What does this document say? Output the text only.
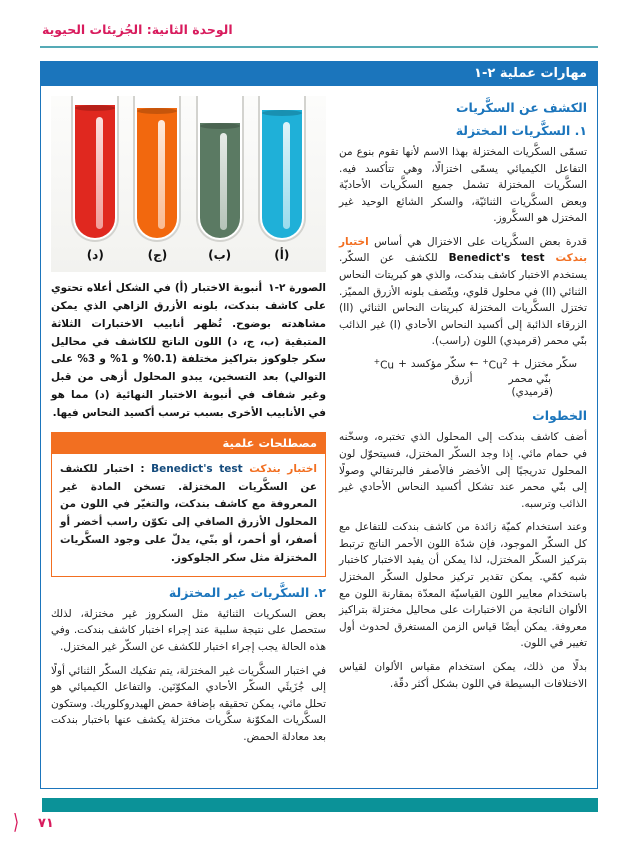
الوحدة الثانية: الجُزيئات الحيوية
مهارات عملية ٢-١
الكشف عن السكَّريات
١. السكَّريات المختزلة

تسمّى السكَّريات المختزلة بهذا الاسم لأنها تقوم بنوع من التفاعل الكيميائي يسمّى اختزالًا، وهي تتأكسد فيه. السكَّريات المختزلة تشمل جميع السكَّريات الأحاديّة وبعض السكَّريات الثنائيّة، والسكر الشائع الوحيد غير المختزل هو السكَّروز.

قدرة بعض السكَّريات على الاختزال هي أساس اختبار بندكت Benedict's test للكشف عن السكّر. يستخدم الاختبار كاشف بندكت، والذي هو كبريتات النحاس الثنائي (II) في محلول قلوي، ويتّصف بلونه الأزرق المميّز. تختزل السكَّريات المختزلة كبريتات النحاس الثنائي (II) الزرقاء الذائبة إلى أكسيد النحاس الأحادي (I) غير الذائب بنّي محمر (قرميدي) اللون (راسب).

سكّر مختزل
+
$Cu^{2+}$
←
سكّر مؤكسد
+
Cu+
بنّي محمر
أزرق
(قرميدي)
الخطوات

أضف كاشف بندكت إلى المحلول الذي تختبره، وسخّنه في حمام مائي. إذا وجد السكّر المختزل، فسيتحوّل لون المحلول تدريجيًا إلى الأخضر فالأصفر فالبرتقالي وصولًا إلى بنّي محمر عند تشكل أكسيد النحاس الأحادي غير الذائب وترسبه.

وعند استخدام كميّة زائدة من كاشف بندكت للتفاعل مع كل السكّر الموجود، فإن شدّة اللون الأحمر الناتج ترتبط بتركيز السكّر المختزل، لذا يمكن أن يفيد الاختبار كاختبار شبه كمّي. يمكن تقدير تركيز محلول السكّر المختزل باستخدام معايير اللون القياسيّة المعدّة بمقارنة اللون مع الألوان الناتجة من الاختبارات على محاليل مختزلة بتراكيز معروفة. يمكن أيضًا قياس الزمن المستغرق لحدوث أول تغيير في اللون.

بدلًا من ذلك، يمكن استخدام مقياس الألوان لقياس الاختلافات البسيطة في اللون بشكل أكثر دقّة.

(أ)
(ب)
(ج)
(د)

الصورة ٢-١أنبوبة الاختبار (أ) في الشكل أعلاه تحتوي على كاشف بندكت، بلونه الأزرق الزاهي الذي يمكن مشاهدته بوضوح. تُظهر أنابيب الاختبارات الثلاثة المتبقية (ب، ج، د) اللون الناتج للكاشف في محاليل سكر جلوكوز بتراكيز مختلفة (0.1% و 1% و 3% على التوالي) بعد التسخين، يبدو المحلول أزهى من قبل وغير شفاف في أنبوبة الاختبار النهائية (د) مما هو في الأنابيب الأخرى بسبب ترسب أكسيد النحاس فيها.

مصطلحات علمية

اختبار بندكت Benedict's test : اختبار للكشف عن السكَّريات المختزلة. تسخن المادة غير المعروفة مع كاشف بندكت، والتغيّر في اللون من المحلول الأزرق الصافي إلى تكوّن راسب أخضر أو أصفر، أو أحمر، أو بنّي، يدلّ على وجود السكَّريات المختزلة مثل سكر الجلوكوز.

٢. السكَّريات غير المختزلة

بعض السكريات الثنائية مثل السكروز غير مختزلة، لذلك ستحصل على نتيجة سلبية عند إجراء اختبار كاشف بندكت. وفي هذه الحالة يجب إجراء اختبار للكشف عن السكّر غير المختزل.

في اختبار السكَّريات غير المختزلة، يتم تفكيك السكّر الثنائي أولًا إلى جُزَيئَي السكّر الأحادي المكوّنَين. والتفاعل الكيميائي هو تحلل مائي، يمكن تحقيقه بإضافة حمض الهيدروكلوريك. وستكون السكَّريات المكوّنة سكَّريات مختزلة يكشف عنها باختبار بندكت بعد معادلة الحمض.

⟨ ٧١
